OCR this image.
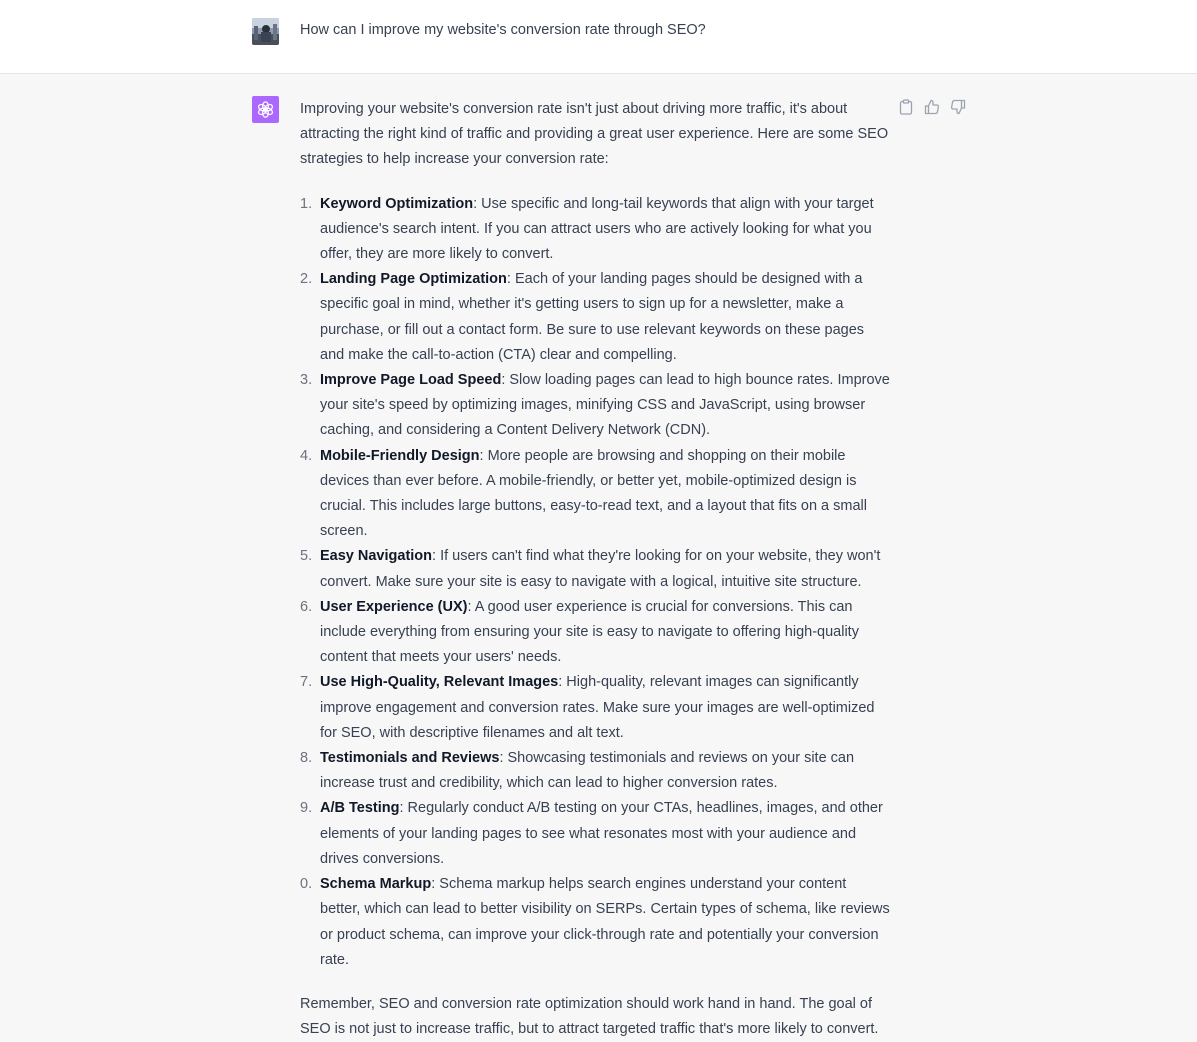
How can I improve my website's conversion rate through SEO?

Improving your website's conversion rate isn't just about driving more traffic, it's about attracting the right kind of traffic and providing a great user experience. Here are some SEO strategies to help increase your conversion rate:

1. Keyword Optimization: Use specific and long-tail keywords that align with your target audience's search intent. If you can attract users who are actively looking for what you offer, they are more likely to convert.
2. Landing Page Optimization: Each of your landing pages should be designed with a specific goal in mind, whether it's getting users to sign up for a newsletter, make a purchase, or fill out a contact form. Be sure to use relevant keywords on these pages and make the call-to-action (CTA) clear and compelling.
3. Improve Page Load Speed: Slow loading pages can lead to high bounce rates. Improve your site's speed by optimizing images, minifying CSS and JavaScript, using browser caching, and considering a Content Delivery Network (CDN).
4. Mobile-Friendly Design: More people are browsing and shopping on their mobile devices than ever before. A mobile-friendly, or better yet, mobile-optimized design is crucial. This includes large buttons, easy-to-read text, and a layout that fits on a small screen.
5. Easy Navigation: If users can't find what they're looking for on your website, they won't convert. Make sure your site is easy to navigate with a logical, intuitive site structure.
6. User Experience (UX): A good user experience is crucial for conversions. This can include everything from ensuring your site is easy to navigate to offering high-quality content that meets your users' needs.
7. Use High-Quality, Relevant Images: High-quality, relevant images can significantly improve engagement and conversion rates. Make sure your images are well-optimized for SEO, with descriptive filenames and alt text.
8. Testimonials and Reviews: Showcasing testimonials and reviews on your site can increase trust and credibility, which can lead to higher conversion rates.
9. A/B Testing: Regularly conduct A/B testing on your CTAs, headlines, images, and other elements of your landing pages to see what resonates most with your audience and drives conversions.
0. Schema Markup: Schema markup helps search engines understand your content better, which can lead to better visibility on SERPs. Certain types of schema, like reviews or product schema, can improve your click-through rate and potentially your conversion rate.

Remember, SEO and conversion rate optimization should work hand in hand. The goal of SEO is not just to increase traffic, but to attract targeted traffic that's more likely to convert.
